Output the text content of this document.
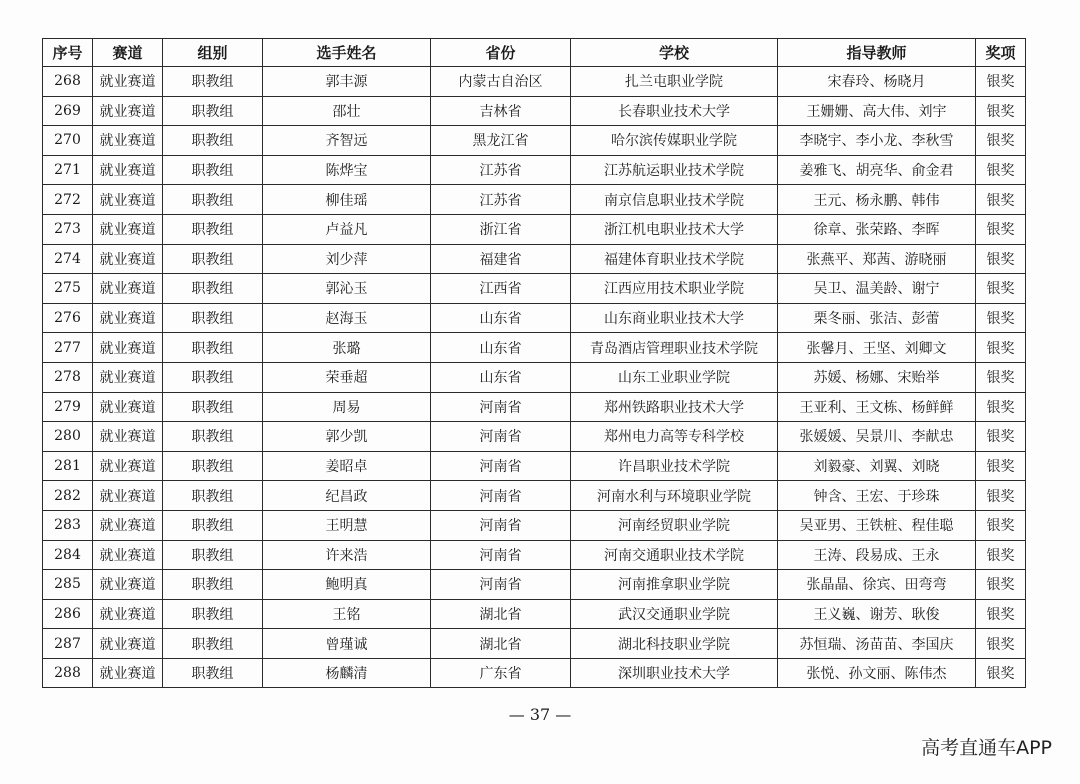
序号	赛道	组别	选手姓名	省份	学校	指导教师	奖项
268	就业赛道	职教组	郭丰源	内蒙古自治区	扎兰屯职业学院	宋春玲、杨晓月	银奖
269	就业赛道	职教组	邵壮	吉林省	长春职业技术大学	王姗姗、高大伟、刘宇	银奖
270	就业赛道	职教组	齐智远	黑龙江省	哈尔滨传媒职业学院	李晓宇、李小龙、李秋雪	银奖
271	就业赛道	职教组	陈烨宝	江苏省	江苏航运职业技术学院	姜雅飞、胡亮华、俞金君	银奖
272	就业赛道	职教组	柳佳瑶	江苏省	南京信息职业技术学院	王元、杨永鹏、韩伟	银奖
273	就业赛道	职教组	卢益凡	浙江省	浙江机电职业技术大学	徐章、张荣路、李晖	银奖
274	就业赛道	职教组	刘少萍	福建省	福建体育职业技术学院	张燕平、郑茜、游晓丽	银奖
275	就业赛道	职教组	郭沁玉	江西省	江西应用技术职业学院	吴卫、温美龄、谢宁	银奖
276	就业赛道	职教组	赵海玉	山东省	山东商业职业技术大学	栗冬丽、张洁、彭蕾	银奖
277	就业赛道	职教组	张璐	山东省	青岛酒店管理职业技术学院	张馨月、王坚、刘卿文	银奖
278	就业赛道	职教组	荣垂超	山东省	山东工业职业学院	苏媛、杨娜、宋贻举	银奖
279	就业赛道	职教组	周易	河南省	郑州铁路职业技术大学	王亚利、王文栋、杨鲜鲜	银奖
280	就业赛道	职教组	郭少凯	河南省	郑州电力高等专科学校	张媛媛、吴景川、李献忠	银奖
281	就业赛道	职教组	姜昭卓	河南省	许昌职业技术学院	刘毅豪、刘翼、刘晓	银奖
282	就业赛道	职教组	纪昌政	河南省	河南水利与环境职业学院	钟含、王宏、于珍珠	银奖
283	就业赛道	职教组	王明慧	河南省	河南经贸职业学院	吴亚男、王铁桩、程佳聪	银奖
284	就业赛道	职教组	许来浩	河南省	河南交通职业技术学院	王涛、段易成、王永	银奖
285	就业赛道	职教组	鲍明真	河南省	河南推拿职业学院	张晶晶、徐宾、田弯弯	银奖
286	就业赛道	职教组	王铭	湖北省	武汉交通职业学院	王义巍、谢芳、耿俊	银奖
287	就业赛道	职教组	曾瑾诚	湖北省	湖北科技职业学院	苏恒瑞、汤苗苗、李国庆	银奖
288	就业赛道	职教组	杨麟清	广东省	深圳职业技术大学	张悦、孙文丽、陈伟杰	银奖
— 37 —
高考直通车APP
